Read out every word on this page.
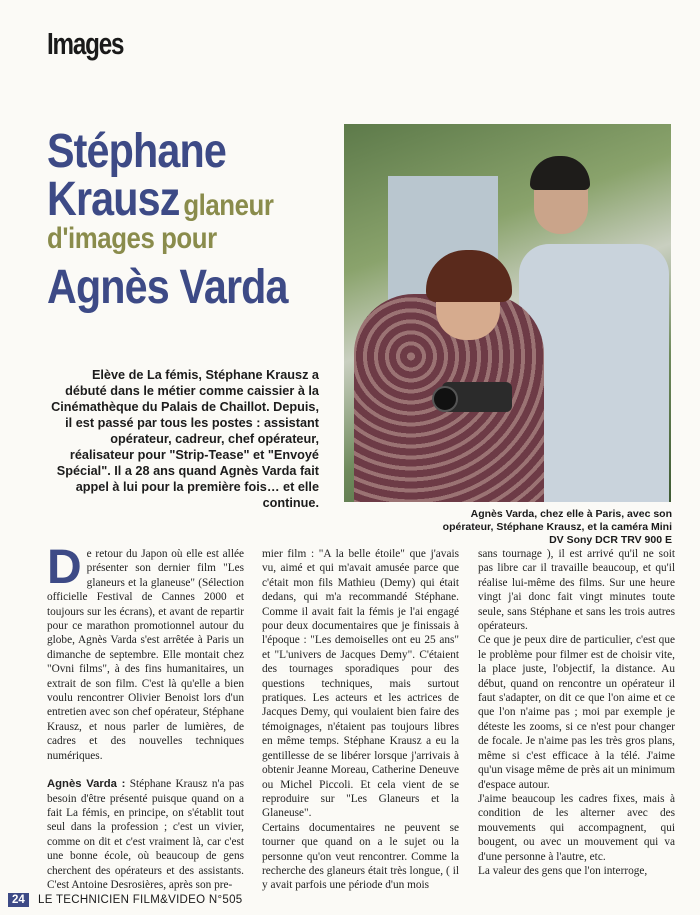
Images
Stéphane
Krausz glaneur
d'images pour
Agnès Varda
Agnès Varda, chez elle à Paris, avec son opérateur, Stéphane Krausz, et la caméra Mini DV Sony DCR TRV 900 E
Elève de La fémis, Stéphane Krausz a débuté dans le métier comme caissier à la Cinémathèque du Palais de Chaillot. Depuis, il est passé par tous les postes : assistant opérateur, cadreur, chef opérateur, réalisateur pour "Strip-Tease" et "Envoyé Spécial". Il a 28 ans quand Agnès Varda fait appel à lui pour la première fois… et elle continue.

De retour du Japon où elle est allée présenter son dernier film "Les glaneurs et la glaneuse" (Sélection officielle Festival de Cannes 2000 et toujours sur les écrans), et avant de repartir pour ce marathon promotionnel autour du globe, Agnès Varda s'est arrêtée à Paris un dimanche de septembre. Elle montait chez "Ovni films", à des fins humanitaires, un extrait de son film. C'est là qu'elle a bien voulu rencontrer Olivier Benoist lors d'un entretien avec son chef opérateur, Stéphane Krausz, et nous parler de lumières, de cadres et des nouvelles techniques numériques.

Agnès Varda : Stéphane Krausz n'a pas besoin d'être présenté puisque quand on a fait La fémis, en principe, on s'établit tout seul dans la profession ; c'est un vivier, comme on dit et c'est vraiment là, car c'est une bonne école, où beaucoup de gens cherchent des opérateurs et des assistants. C'est Antoine Desrosières, après son pre-

mier film : "A la belle étoile" que j'avais vu, aimé et qui m'avait amusée parce que c'était mon fils Mathieu (Demy) qui était dedans, qui m'a recommandé Stéphane. Comme il avait fait la fémis je l'ai engagé pour deux documentaires que je finissais à l'époque : "Les demoiselles ont eu 25 ans" et "L'univers de Jacques Demy". C'étaient des tournages sporadiques pour des questions techniques, mais surtout pratiques. Les acteurs et les actrices de Jacques Demy, qui voulaient bien faire des témoignages, n'étaient pas toujours libres en même temps. Stéphane Krausz a eu la gentillesse de se libérer lorsque j'arrivais à obtenir Jeanne Moreau, Catherine Deneuve ou Michel Piccoli. Et cela vient de se reproduire sur "Les Glaneurs et la Glaneuse".

Certains documentaires ne peuvent se tourner que quand on a le sujet ou la personne qu'on veut rencontrer. Comme la recherche des glaneurs était très longue, ( il y avait parfois une période d'un mois

sans tournage ), il est arrivé qu'il ne soit pas libre car il travaille beaucoup, et qu'il réalise lui-même des films. Sur une heure vingt j'ai donc fait vingt minutes toute seule, sans Stéphane et sans les trois autres opérateurs.

Ce que je peux dire de particulier, c'est que le problème pour filmer est de choisir vite, la place juste, l'objectif, la distance. Au début, quand on rencontre un opérateur il faut s'adapter, on dit ce que l'on aime et ce que l'on n'aime pas ; moi par exemple je déteste les zooms, si ce n'est pour changer de focale. Je n'aime pas les très gros plans, même si c'est efficace à la télé. J'aime qu'un visage même de près ait un minimum d'espace autour.

J'aime beaucoup les cadres fixes, mais à condition de les alterner avec des mouvements qui accompagnent, qui bougent, ou avec un mouvement qui va d'une personne à l'autre, etc.

La valeur des gens que l'on interroge,

24	LE TECHNICIEN FILM&VIDEO N°505
